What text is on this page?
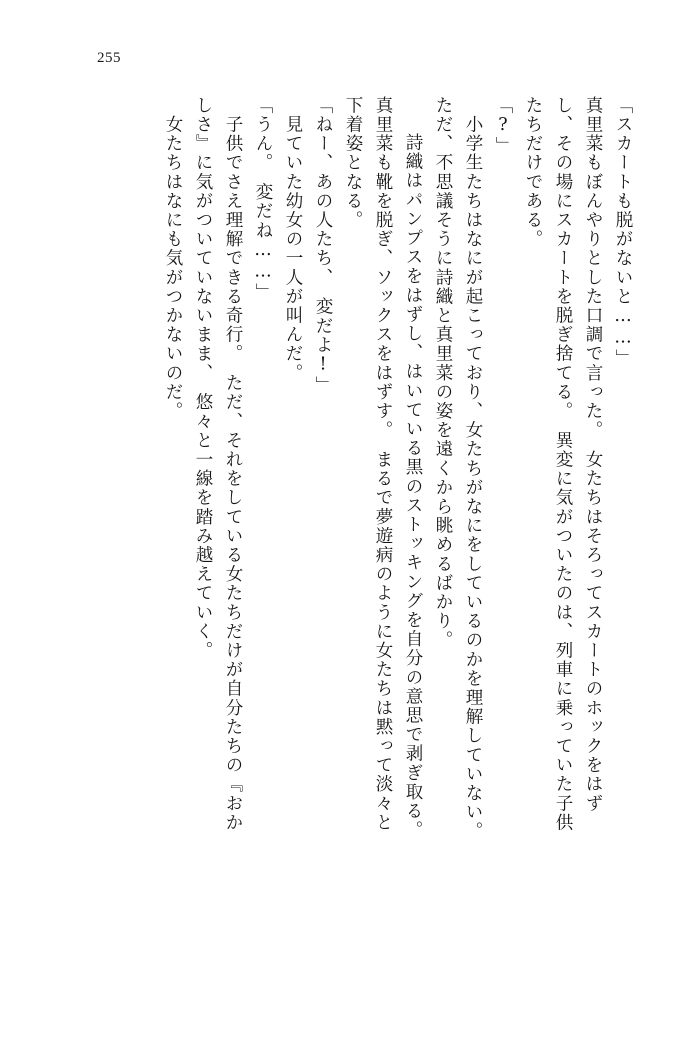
255
「スカートも脱がないと……」
真里菜もぼんやりとした口調で言った。　女たちはそろってスカートのホックをはず
し、その場にスカートを脱ぎ捨てる。　異変に気がついたのは、列車に乗っていた子供
たちだけである。
「?」
　小学生たちはなにが起こっており、女たちがなにをしているのかを理解していない。
ただ、不思議そうに詩織と真里菜の姿を遠くから眺めるばかり。
　詩織はパンプスをはずし、はいている黒のストッキングを自分の意思で剥ぎ取る。
真里菜も靴を脱ぎ、ソックスをはずす。　まるで夢遊病のように女たちは黙って淡々と
下着姿となる。
「ねー、あの人たち、　変だよ!」
　見ていた幼女の一人が叫んだ。
「うん。　変だね……」
　子供でさえ理解できる奇行。　ただ、それをしている女たちだけが自分たちの『おか
しさ』に気がついていないまま、　悠々と一線を踏み越えていく。
　女たちはなにも気がつかないのだ。
